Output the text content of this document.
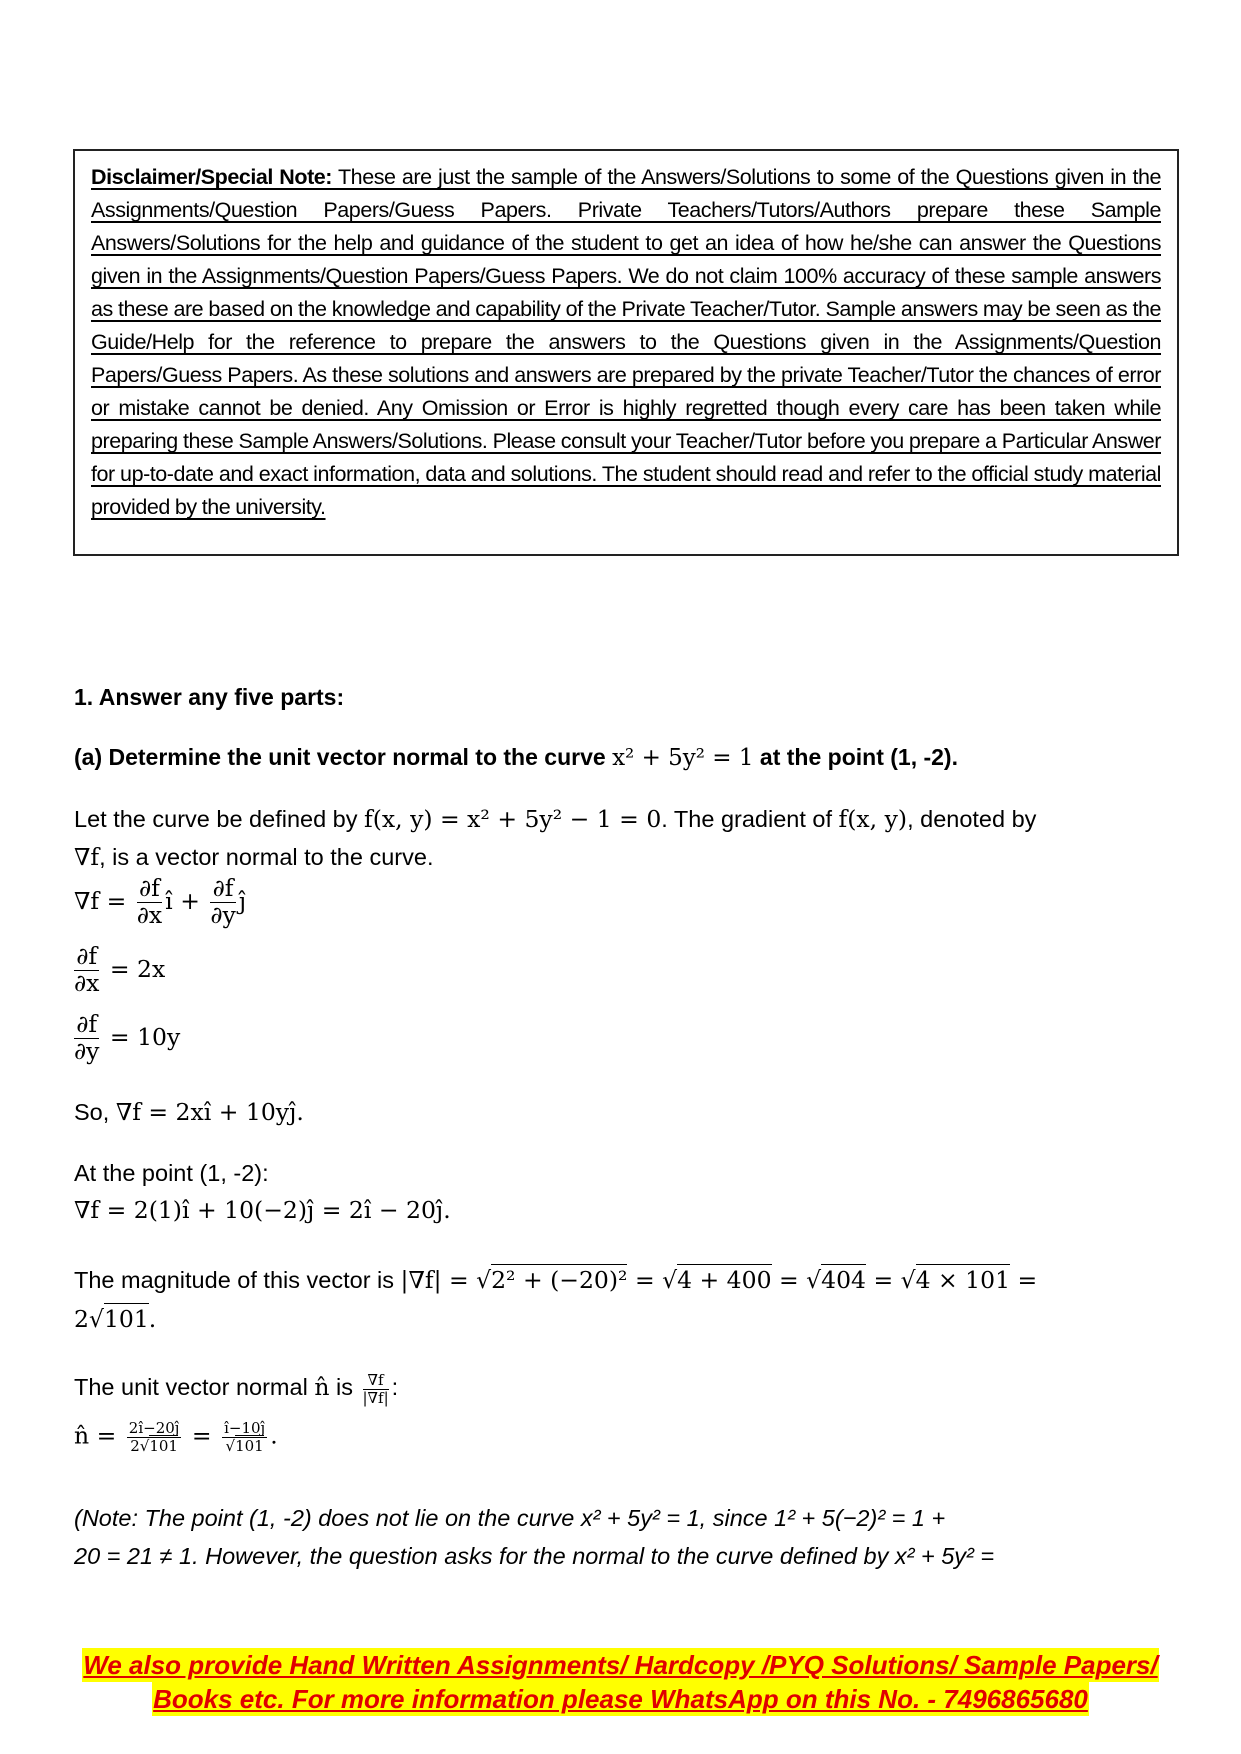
Disclaimer/Special Note: These are just the sample of the Answers/Solutions to some of the Questions given in the Assignments/Question Papers/Guess Papers. Private Teachers/Tutors/Authors prepare these Sample Answers/Solutions for the help and guidance of the student to get an idea of how he/she can answer the Questions given in the Assignments/Question Papers/Guess Papers. We do not claim 100% accuracy of these sample answers as these are based on the knowledge and capability of the Private Teacher/Tutor. Sample answers may be seen as the Guide/Help for the reference to prepare the answers to the Questions given in the Assignments/Question Papers/Guess Papers. As these solutions and answers are prepared by the private Teacher/Tutor the chances of error or mistake cannot be denied. Any Omission or Error is highly regretted though every care has been taken while preparing these Sample Answers/Solutions. Please consult your Teacher/Tutor before you prepare a Particular Answer for up-to-date and exact information, data and solutions. The student should read and refer to the official study material provided by the university.

1. Answer any five parts:
(a) Determine the unit vector normal to the curve x² + 5y² = 1 at the point (1, -2).
Let the curve be defined by f(x, y) = x² + 5y² − 1 = 0. The gradient of f(x, y), denoted by
∇f, is a vector normal to the curve.
$\nabla f = \frac{\partial f}{\partial x}$ î + $\frac{\partial f}{\partial y}$ ĵ
$\frac{\partial f}{\partial x} = 2x$
$\frac{\partial f}{\partial y} = 10y$
So, ∇f = 2xî + 10yĵ.
At the point (1, -2):
∇f = 2(1)î + 10(−2)ĵ = 2î − 20ĵ.
The magnitude of this vector is |∇f| = √2² + (−20)² = √4 + 400 = √404 = √4 × 101 =
2√101.
The unit vector normal n̂ is $\frac{\nabla f}{|\nabla f|}$ :
n̂ = $\frac{2î-20ĵ}{2√101} = \frac{î-10ĵ}{√101}$ .
(Note: The point (1, -2) does not lie on the curve x² + 5y² = 1, since 1² + 5(−2)² = 1 +
20 = 21 ≠ 1. However, the question asks for the normal to the curve defined by x² + 5y² =
We also provide Hand Written Assignments/ Hardcopy /PYQ Solutions/ Sample Papers/
Books etc. For more information please WhatsApp on this No. - 7496865680
